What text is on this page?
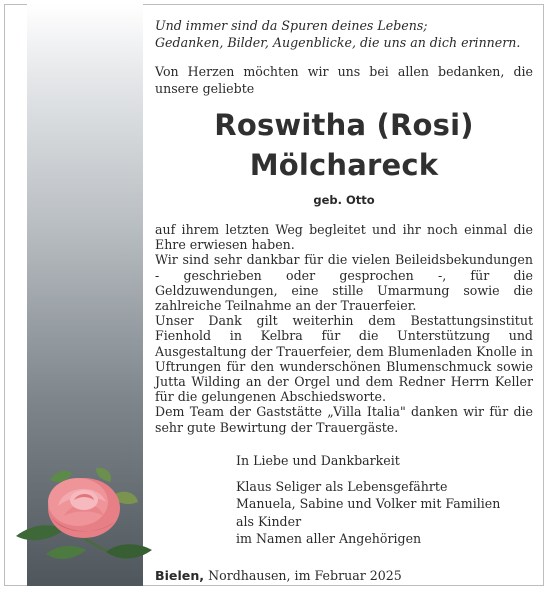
Und immer sind da Spuren deines Lebens;
Gedanken, Bilder, Augenblicke, die uns an dich erinnern.

Von Herzen möchten wir uns bei allen bedanken, die unsere geliebte

Roswitha (Rosi)
Mölchareck

geb. Otto

auf ihrem letzten Weg begleitet und ihr noch einmal die Ehre erwiesen haben.

Wir sind sehr dankbar für die vielen Beileidsbekundungen - geschrieben oder gesprochen -, für die Geldzuwendungen, eine stille Umarmung sowie die zahlreiche Teilnahme an der Trauerfeier.

Unser Dank gilt weiterhin dem Bestattungsinstitut Fienhold in Kelbra für die Unterstützung und Ausgestaltung der Trauerfeier, dem Blumenladen Knolle in Uftrungen für den wunderschönen Blumenschmuck sowie Jutta Wilding an der Orgel und dem Redner Herrn Keller für die gelungenen Abschiedsworte.

Dem Team der Gaststätte „Villa Italia" danken wir für die sehr gute Bewirtung der Trauergäste.

In Liebe und Dankbarkeit

Klaus Seliger als Lebensgefährte
Manuela, Sabine und Volker mit Familien
als Kinder
im Namen aller Angehörigen

Bielen, Nordhausen, im Februar 2025
